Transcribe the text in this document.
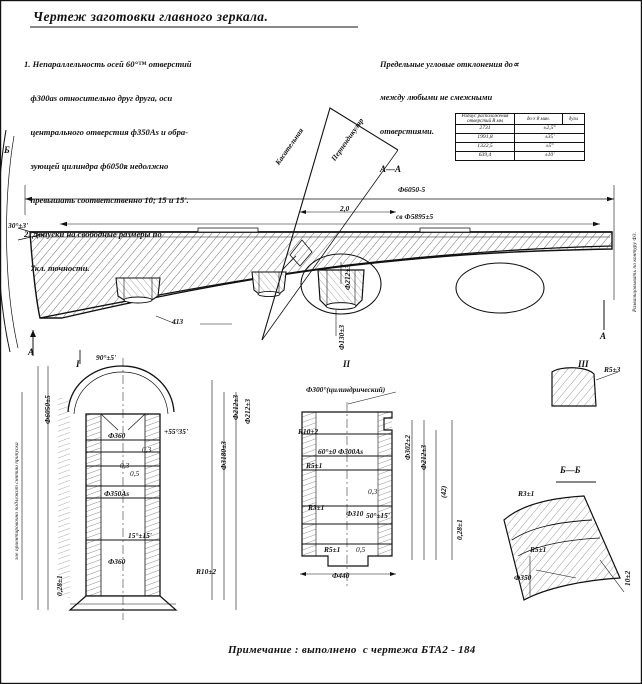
Чертеж заготовки главного зеркала.

1. Непараллельность осей 60°™ отверстий

ф300as относительно друг друга, оси

центрального отверстия ф350As и обра-

зующей цилиндра ф6050ʀ недолжно

превышать соответственно 10; 15 и 15'.

2. Допуски на свободные размеры по

7кл. точности.

Предельные угловые отклонения до∝

между любыми не смежными

отверстиями.

Радиус расположения отверстий R мм	до∝ 8 мин.	дуги
2731	±2,5°	
1991,8	±35'	
1322,5	±5°	
639,4	±10'	
А—А
Б—Б
А
А
Б
I	II	III
Ф6050-5
2,0
св Ф5895±5
30°±3'
413
Ф212±3
Ф130±3
Касательная	Перпендикуляр
Развальцовывать по контуру Ф3.
90°±5'
Ф360
Ф350As
Ф360
0,3
+55°35'
15°±15'
R10±2
Ф212±3
Ф3180±3
Ф212±3
Ф6050±5
0,28±1
0,5
0,3
эле ориентировочно подлежит снятию припуска
Ф300°(цилиндрический)
60°±0 Ф300As
R10±2
R5±1
R3±1
R5±1
Ф310
Ф440
0,3
0,5
50°±15'
Ф302±2 Ф212±3
(42)
0,28±1
R5±3
R3±1
R5±1
Ф350	10±2
Примечание : выполнено  с чертежа БТА2 - 184
